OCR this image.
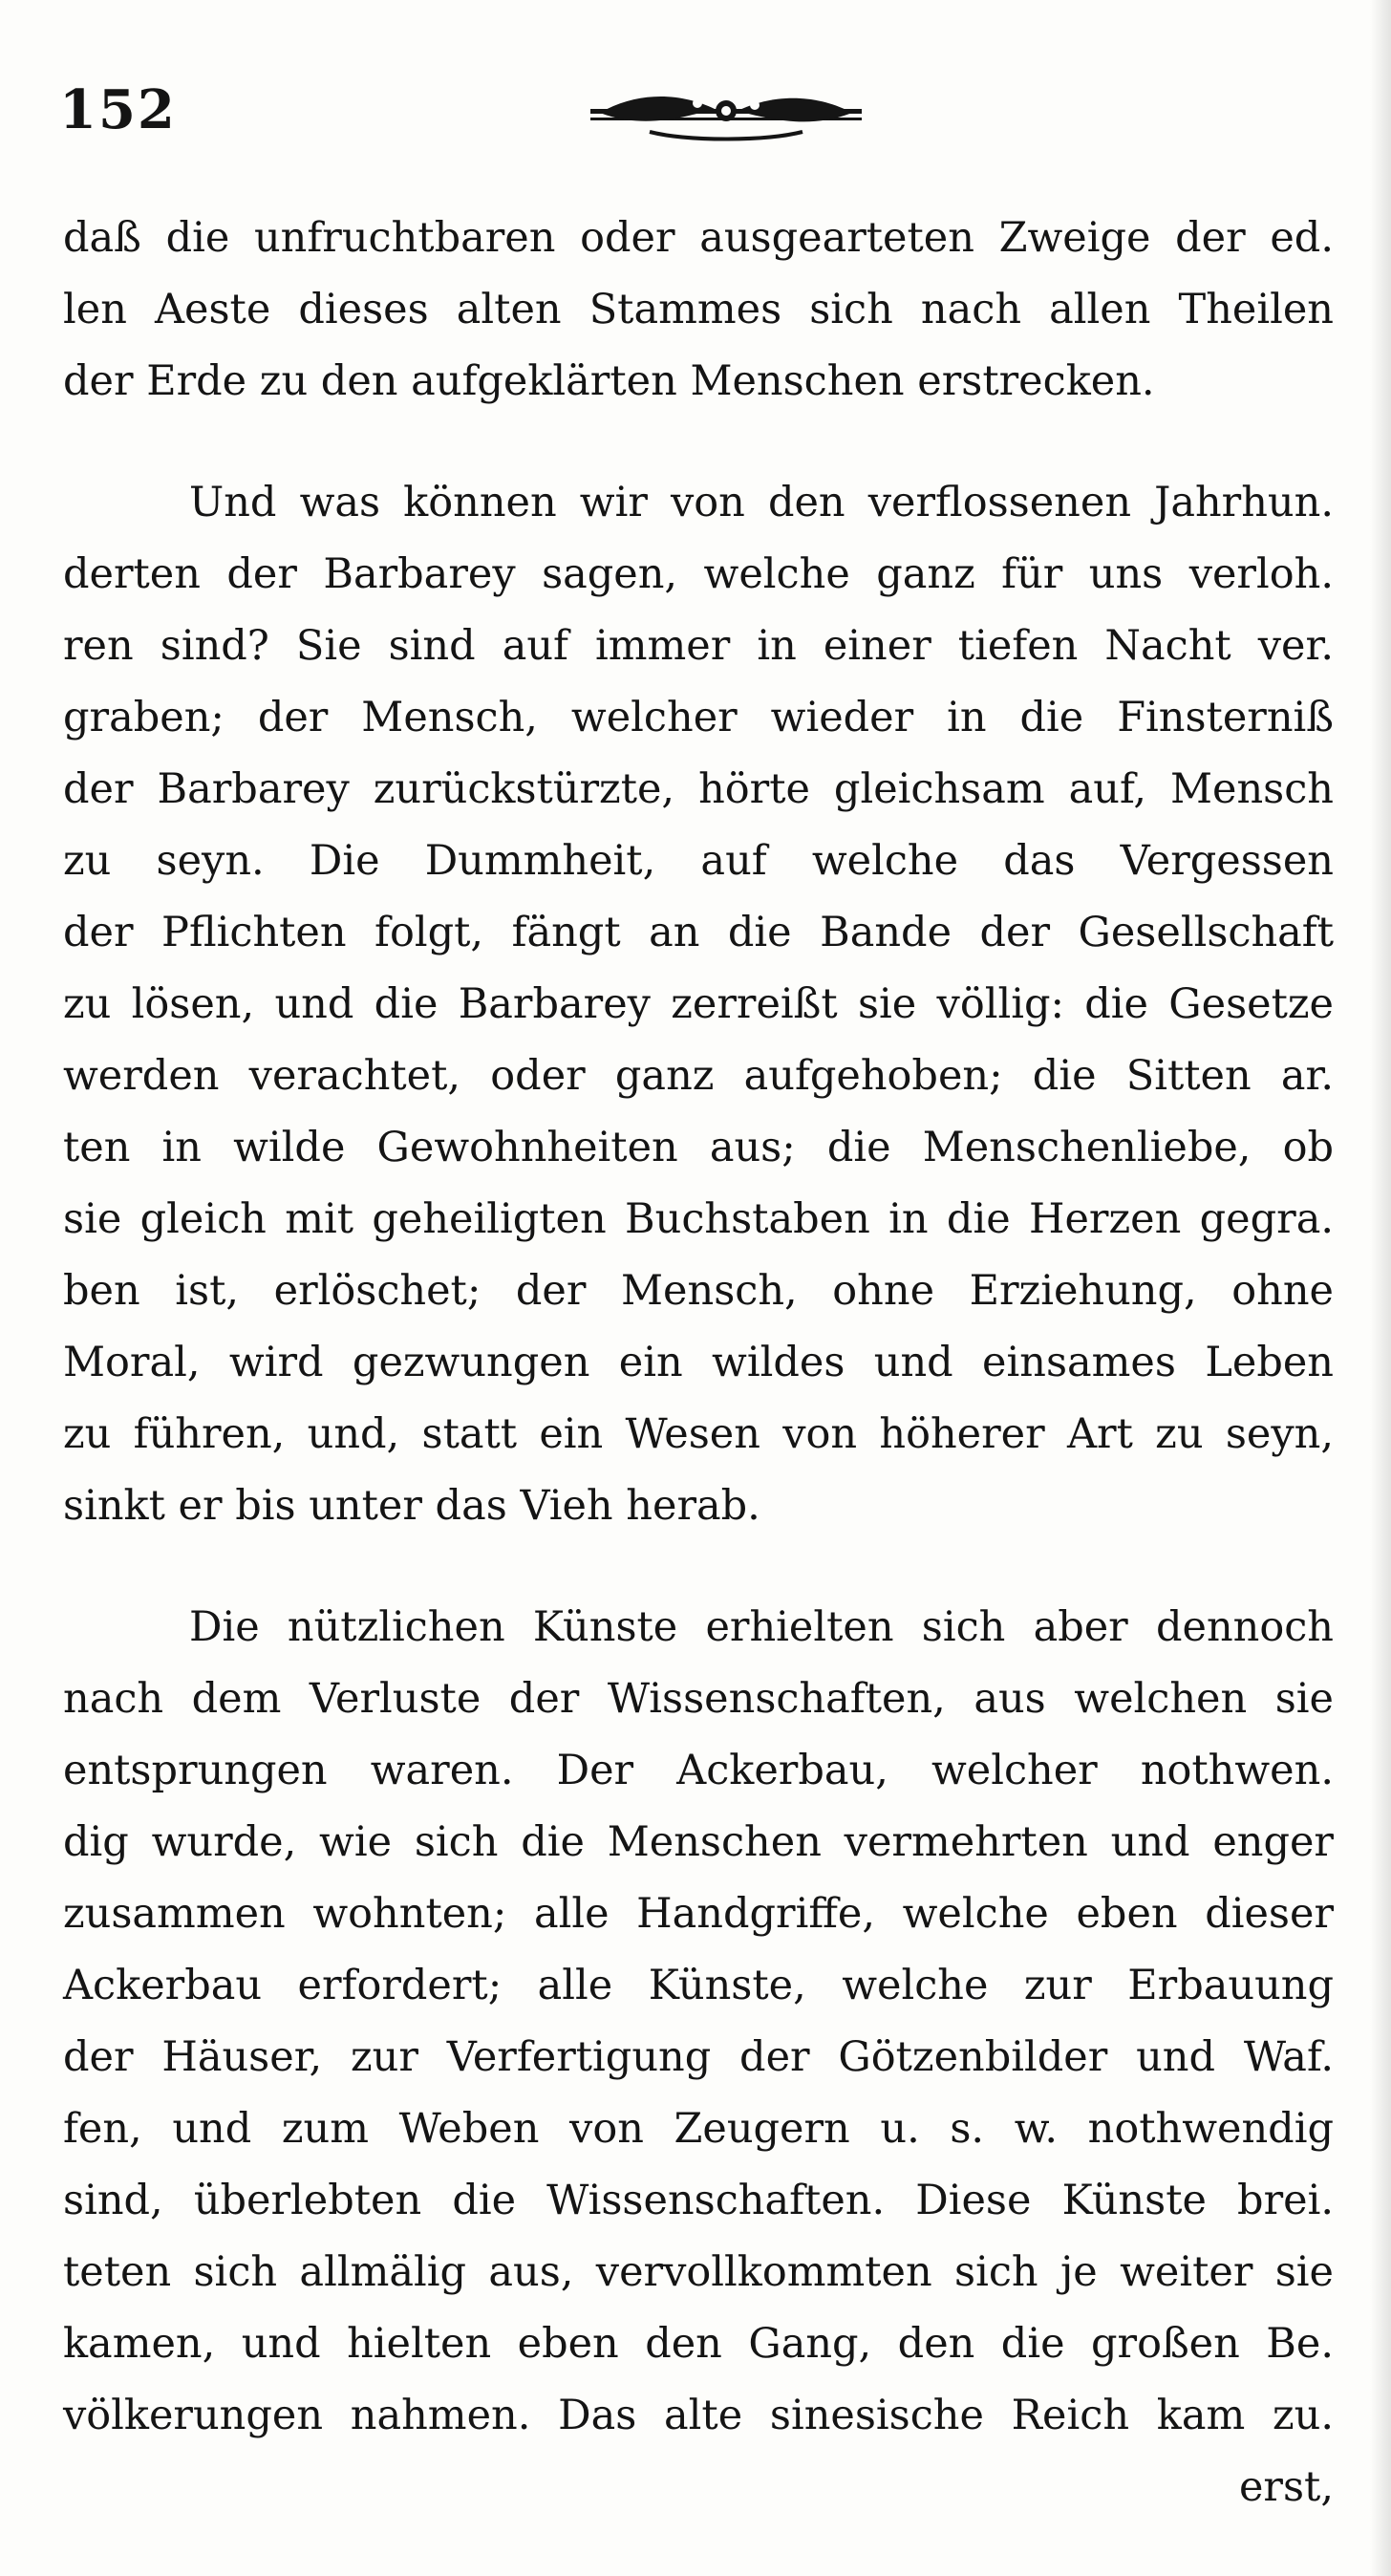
152

daß die unfruchtbaren oder ausgearteten Zweige der ed.
len Aeste dieses alten Stammes sich nach allen Theilen
der Erde zu den aufgeklärten Menschen erstrecken.

Und was können wir von den verflossenen Jahrhun.
derten der Barbarey sagen, welche ganz für uns verloh.
ren sind? Sie sind auf immer in einer tiefen Nacht ver.
graben; der Mensch, welcher wieder in die Finsterniß
der Barbarey zurückstürzte, hörte gleichsam auf, Mensch
zu seyn. Die Dummheit, auf welche das Vergessen
der Pflichten folgt, fängt an die Bande der Gesellschaft
zu lösen, und die Barbarey zerreißt sie völlig: die Gesetze
werden verachtet, oder ganz aufgehoben; die Sitten ar.
ten in wilde Gewohnheiten aus; die Menschenliebe, ob
sie gleich mit geheiligten Buchstaben in die Herzen gegra.
ben ist, erlöschet; der Mensch, ohne Erziehung, ohne
Moral, wird gezwungen ein wildes und einsames Leben
zu führen, und, statt ein Wesen von höherer Art zu seyn,
sinkt er bis unter das Vieh herab.

Die nützlichen Künste erhielten sich aber dennoch
nach dem Verluste der Wissenschaften, aus welchen sie
entsprungen waren. Der Ackerbau, welcher nothwen.
dig wurde, wie sich die Menschen vermehrten und enger
zusammen wohnten; alle Handgriffe, welche eben dieser
Ackerbau erfordert; alle Künste, welche zur Erbauung
der Häuser, zur Verfertigung der Götzenbilder und Waf.
fen, und zum Weben von Zeugern u. s. w. nothwendig
sind, überlebten die Wissenschaften. Diese Künste brei.
teten sich allmälig aus, vervollkommten sich je weiter sie
kamen, und hielten eben den Gang, den die großen Be.
völkerungen nahmen. Das alte sinesische Reich kam zu.
erst,
